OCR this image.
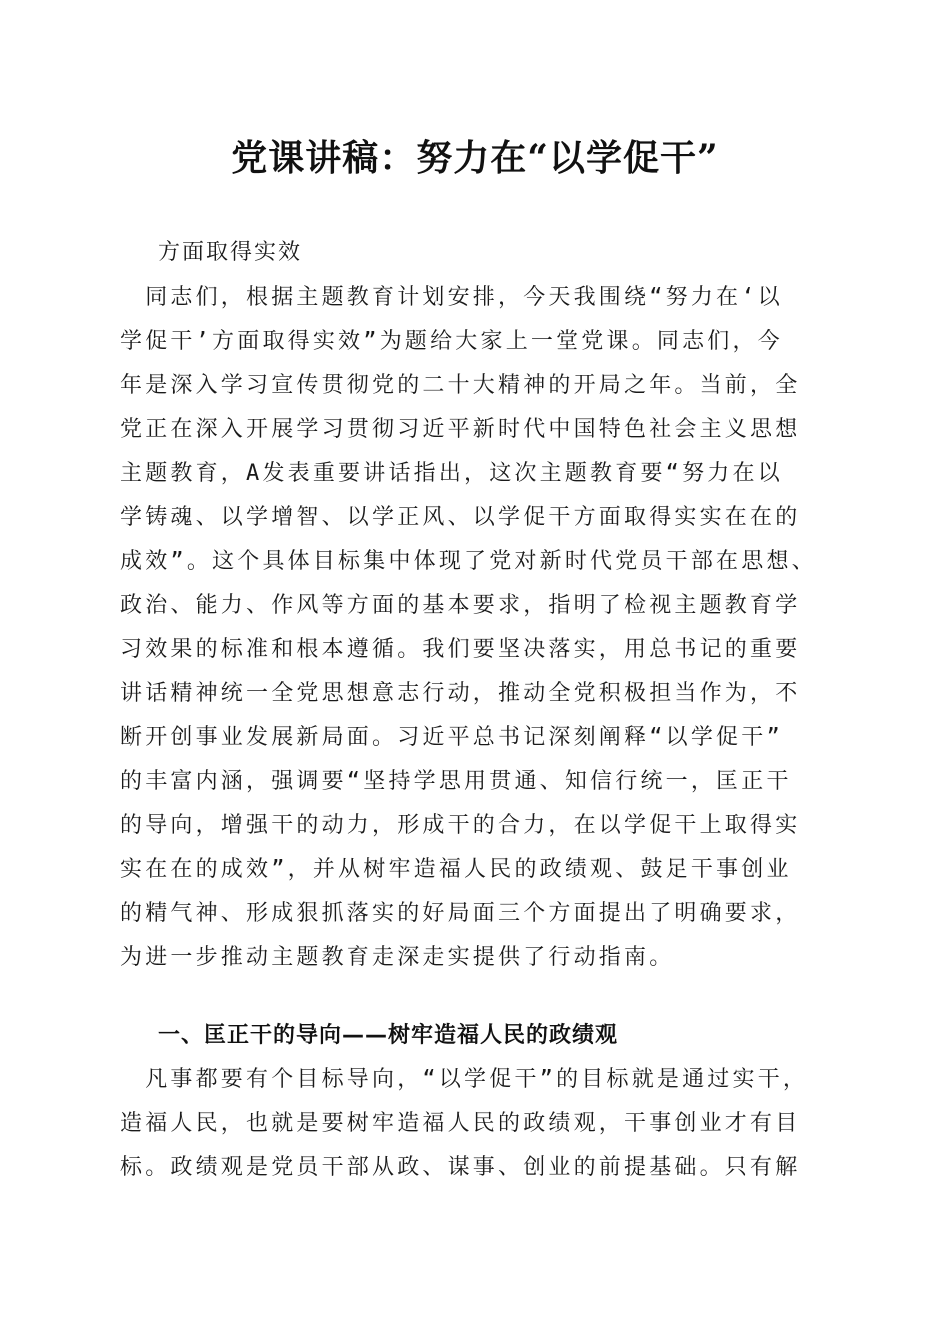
党课讲稿：努力在“以学促干”
方面取得实效
　同志们，根据主题教育计划安排，今天我围绕“努力在‘以
学促干’方面取得实效”为题给大家上一堂党课。同志们，今
年是深入学习宣传贯彻党的二十大精神的开局之年。当前，全
党正在深入开展学习贯彻习近平新时代中国特色社会主义思想
主题教育，A发表重要讲话指出，这次主题教育要“努力在以
学铸魂、以学增智、以学正风、以学促干方面取得实实在在的
成效”。这个具体目标集中体现了党对新时代党员干部在思想、
政治、能力、作风等方面的基本要求，指明了检视主题教育学
习效果的标准和根本遵循。我们要坚决落实，用总书记的重要
讲话精神统一全党思想意志行动，推动全党积极担当作为，不
断开创事业发展新局面。习近平总书记深刻阐释“以学促干”
的丰富内涵，强调要“坚持学思用贯通、知信行统一，匡正干
的导向，增强干的动力，形成干的合力，在以学促干上取得实
实在在的成效”，并从树牢造福人民的政绩观、鼓足干事创业
的精气神、形成狠抓落实的好局面三个方面提出了明确要求，
为进一步推动主题教育走深走实提供了行动指南。
一、匡正干的导向——树牢造福人民的政绩观
　凡事都要有个目标导向，“以学促干”的目标就是通过实干，
造福人民，也就是要树牢造福人民的政绩观，干事创业才有目
标。政绩观是党员干部从政、谋事、创业的前提基础。只有解
